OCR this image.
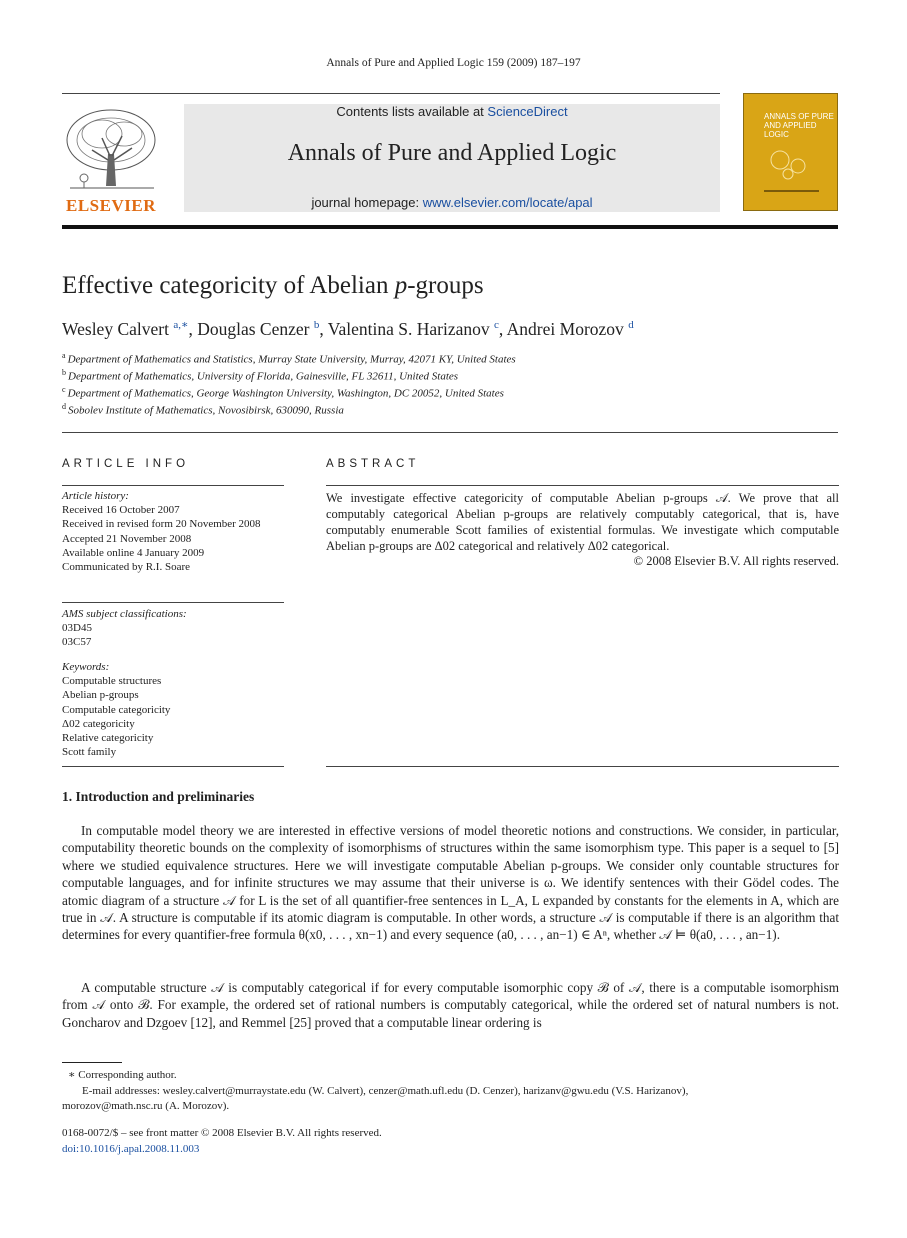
Annals of Pure and Applied Logic 159 (2009) 187–197
ELSEVIER
Contents lists available at ScienceDirect
Annals of Pure and Applied Logic
journal homepage: www.elsevier.com/locate/apal
ANNALS OF PURE AND APPLIED LOGIC
Effective categoricity of Abelian p-groups
Wesley Calvert $^{a,∗}$, Douglas Cenzer $^b$, Valentina S. Harizanov $^c$, Andrei Morozov $^d$
$^a$ Department of Mathematics and Statistics, Murray State University, Murray, 42071 KY, United States
$^b$ Department of Mathematics, University of Florida, Gainesville, FL 32611, United States
$^c$ Department of Mathematics, George Washington University, Washington, DC 20052, United States
$^d$ Sobolev Institute of Mathematics, Novosibirsk, 630090, Russia
ARTICLE INFO
Article history:
Received 16 October 2007
Received in revised form 20 November 2008
Accepted 21 November 2008
Available online 4 January 2009
Communicated by R.I. Soare
AMS subject classifications:
03D45
03C57
Keywords:
Computable structures
Abelian p-groups
Computable categoricity
Δ02 categoricity
Relative categoricity
Scott family
ABSTRACT
We investigate effective categoricity of computable Abelian p-groups 𝒜. We prove that all computably categorical Abelian p-groups are relatively computably categorical, that is, have computably enumerable Scott families of existential formulas. We investigate which computable Abelian p-groups are Δ02 categorical and relatively Δ02 categorical.
© 2008 Elsevier B.V. All rights reserved.
1. Introduction and preliminaries

In computable model theory we are interested in effective versions of model theoretic notions and constructions. We consider, in particular, computability theoretic bounds on the complexity of isomorphisms of structures within the same isomorphism type. This paper is a sequel to [5] where we studied equivalence structures. Here we will investigate computable Abelian p-groups. We consider only countable structures for computable languages, and for infinite structures we may assume that their universe is ω. We identify sentences with their Gödel codes. The atomic diagram of a structure 𝒜 for L is the set of all quantifier-free sentences in L_A, L expanded by constants for the elements in A, which are true in 𝒜. A structure is computable if its atomic diagram is computable. In other words, a structure 𝒜 is computable if there is an algorithm that determines for every quantifier-free formula θ(x0, . . . , xn−1) and every sequence (a0, . . . , an−1) ∈ Aⁿ, whether 𝒜 ⊨ θ(a0, . . . , an−1).

A computable structure 𝒜 is computably categorical if for every computable isomorphic copy ℬ of 𝒜, there is a computable isomorphism from 𝒜 onto ℬ. For example, the ordered set of rational numbers is computably categorical, while the ordered set of natural numbers is not. Goncharov and Dzgoev [12], and Remmel [25] proved that a computable linear ordering is

∗ Corresponding author.
E-mail addresses: wesley.calvert@murraystate.edu (W. Calvert), cenzer@math.ufl.edu (D. Cenzer), harizanv@gwu.edu (V.S. Harizanov),
morozov@math.nsc.ru (A. Morozov).
0168-0072/$ – see front matter © 2008 Elsevier B.V. All rights reserved.
doi:10.1016/j.apal.2008.11.003
